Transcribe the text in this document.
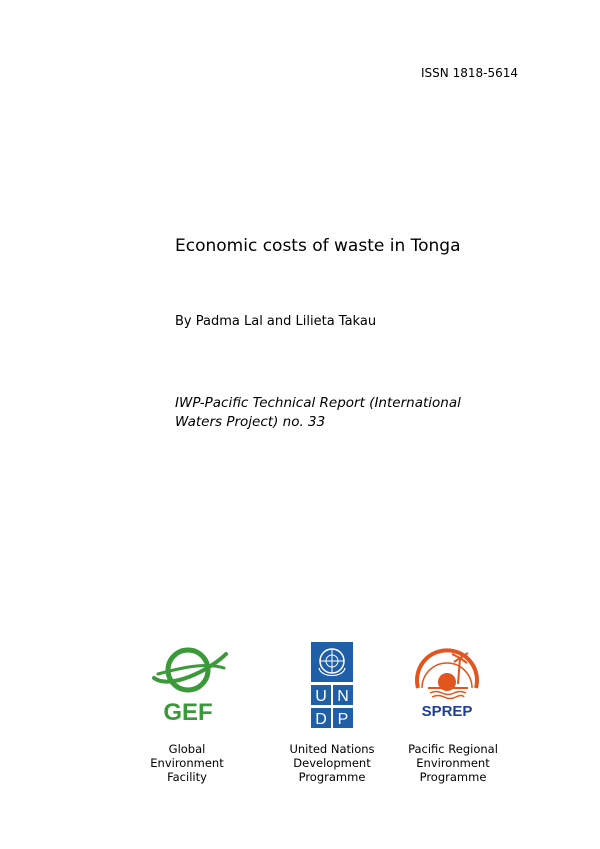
ISSN 1818-5614
Economic costs of waste in Tonga
By Padma Lal and Lilieta Takau
IWP-Pacific Technical Report (International
Waters Project) no. 33
GEF
U N
D P	SPREP
Global
Environment
Facility
United Nations
Development
Programme
Pacific Regional
Environment
Programme
